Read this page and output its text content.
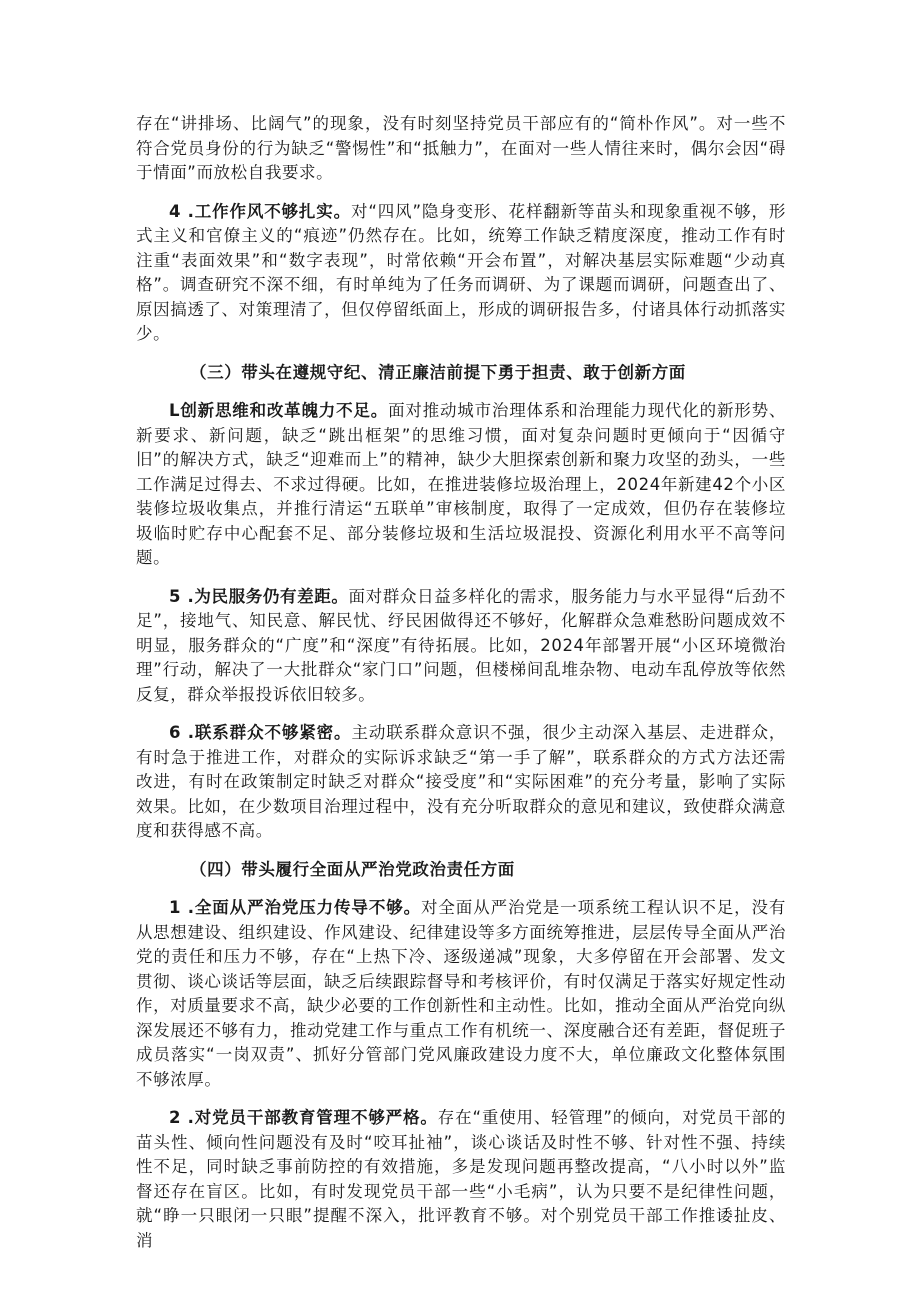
存在“讲排场、比阔气”的现象，没有时刻坚持党员干部应有的“简朴作风”。对一些不符合党员身份的行为缺乏“警惕性”和“抵触力”，在面对一些人情往来时，偶尔会因“碍于情面”而放松自我要求。

4 .工作作风不够扎实。对“四风”隐身变形、花样翻新等苗头和现象重视不够，形式主义和官僚主义的“痕迹”仍然存在。比如，统筹工作缺乏精度深度，推动工作有时注重“表面效果”和“数字表现”，时常依赖“开会布置”，对解决基层实际难题“少动真格”。调查研究不深不细，有时单纯为了任务而调研、为了课题而调研，问题查出了、原因搞透了、对策理清了，但仅停留纸面上，形成的调研报告多，付诸具体行动抓落实少。

（三）带头在遵规守纪、清正廉洁前提下勇于担责、敢于创新方面

L创新思维和改革魄力不足。面对推动城市治理体系和治理能力现代化的新形势、新要求、新问题，缺乏“跳出框架”的思维习惯，面对复杂问题时更倾向于“因循守旧”的解决方式，缺乏“迎难而上”的精神，缺少大胆探索创新和聚力攻坚的劲头，一些工作满足过得去、不求过得硬。比如，在推进装修垃圾治理上，2024年新建42个小区装修垃圾收集点，并推行清运“五联单”审核制度，取得了一定成效，但仍存在装修垃圾临时贮存中心配套不足、部分装修垃圾和生活垃圾混投、资源化利用水平不高等问题。

5 .为民服务仍有差距。面对群众日益多样化的需求，服务能力与水平显得“后劲不足”，接地气、知民意、解民忧、纾民困做得还不够好，化解群众急难愁盼问题成效不明显，服务群众的“广度”和“深度”有待拓展。比如，2024年部署开展“小区环境微治理”行动，解决了一大批群众“家门口”问题，但楼梯间乱堆杂物、电动车乱停放等依然反复，群众举报投诉依旧较多。

6 .联系群众不够紧密。主动联系群众意识不强，很少主动深入基层、走进群众，有时急于推进工作，对群众的实际诉求缺乏“第一手了解”，联系群众的方式方法还需改进，有时在政策制定时缺乏对群众“接受度”和“实际困难”的充分考量，影响了实际效果。比如，在少数项目治理过程中，没有充分听取群众的意见和建议，致使群众满意度和获得感不高。

（四）带头履行全面从严治党政治责任方面

1 .全面从严治党压力传导不够。对全面从严治党是一项系统工程认识不足，没有从思想建设、组织建设、作风建设、纪律建设等多方面统筹推进，层层传导全面从严治党的责任和压力不够，存在“上热下冷、逐级递减”现象，大多停留在开会部署、发文贯彻、谈心谈话等层面，缺乏后续跟踪督导和考核评价，有时仅满足于落实好规定性动作，对质量要求不高，缺少必要的工作创新性和主动性。比如，推动全面从严治党向纵深发展还不够有力，推动党建工作与重点工作有机统一、深度融合还有差距，督促班子成员落实“一岗双责”、抓好分管部门党风廉政建设力度不大，单位廉政文化整体氛围不够浓厚。

2 .对党员干部教育管理不够严格。存在“重使用、轻管理”的倾向，对党员干部的苗头性、倾向性问题没有及时“咬耳扯袖”，谈心谈话及时性不够、针对性不强、持续性不足，同时缺乏事前防控的有效措施，多是发现问题再整改提高，“八小时以外”监督还存在盲区。比如，有时发现党员干部一些“小毛病”，认为只要不是纪律性问题，就“睁一只眼闭一只眼”提醒不深入，批评教育不够。对个别党员干部工作推诿扯皮、消
